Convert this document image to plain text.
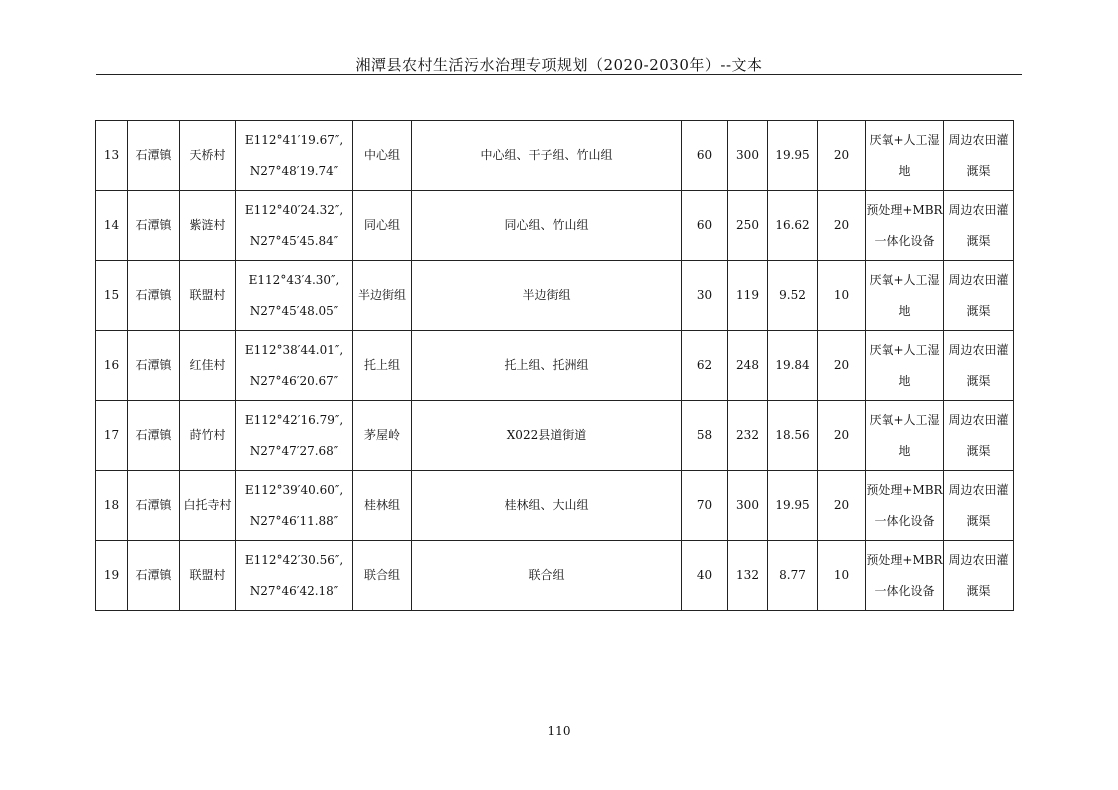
湘潭县农村生活污水治理专项规划（2020-2030年）--文本
13	石潭镇	天桥村	E112°41′19.67″,
N27°48′19.74″	中心组	中心组、干子组、竹山组	60	300	19.95	20	厌氧+人工湿
地	周边农田灌
溉渠

14	石潭镇	紫涟村	E112°40′24.32″,
N27°45′45.84″	同心组	同心组、竹山组	60	250	16.62	20	预处理+MBR
一体化设备	周边农田灌
溉渠

15	石潭镇	联盟村	E112°43′4.30″,
N27°45′48.05″	半边街组	半边街组	30	119	9.52	10	厌氧+人工湿
地	周边农田灌
溉渠

16	石潭镇	红佳村	E112°38′44.01″,
N27°46′20.67″	托上组	托上组、托洲组	62	248	19.84	20	厌氧+人工湿
地	周边农田灌
溉渠

17	石潭镇	莳竹村	E112°42′16.79″,
N27°47′27.68″	茅屋岭	X022县道街道	58	232	18.56	20	厌氧+人工湿
地	周边农田灌
溉渠

18	石潭镇	白托寺村	E112°39′40.60″,
N27°46′11.88″	桂林组	桂林组、大山组	70	300	19.95	20	预处理+MBR
一体化设备	周边农田灌
溉渠

19	石潭镇	联盟村	E112°42′30.56″,
N27°46′42.18″	联合组	联合组	40	132	8.77	10	预处理+MBR
一体化设备	周边农田灌
溉渠
110
